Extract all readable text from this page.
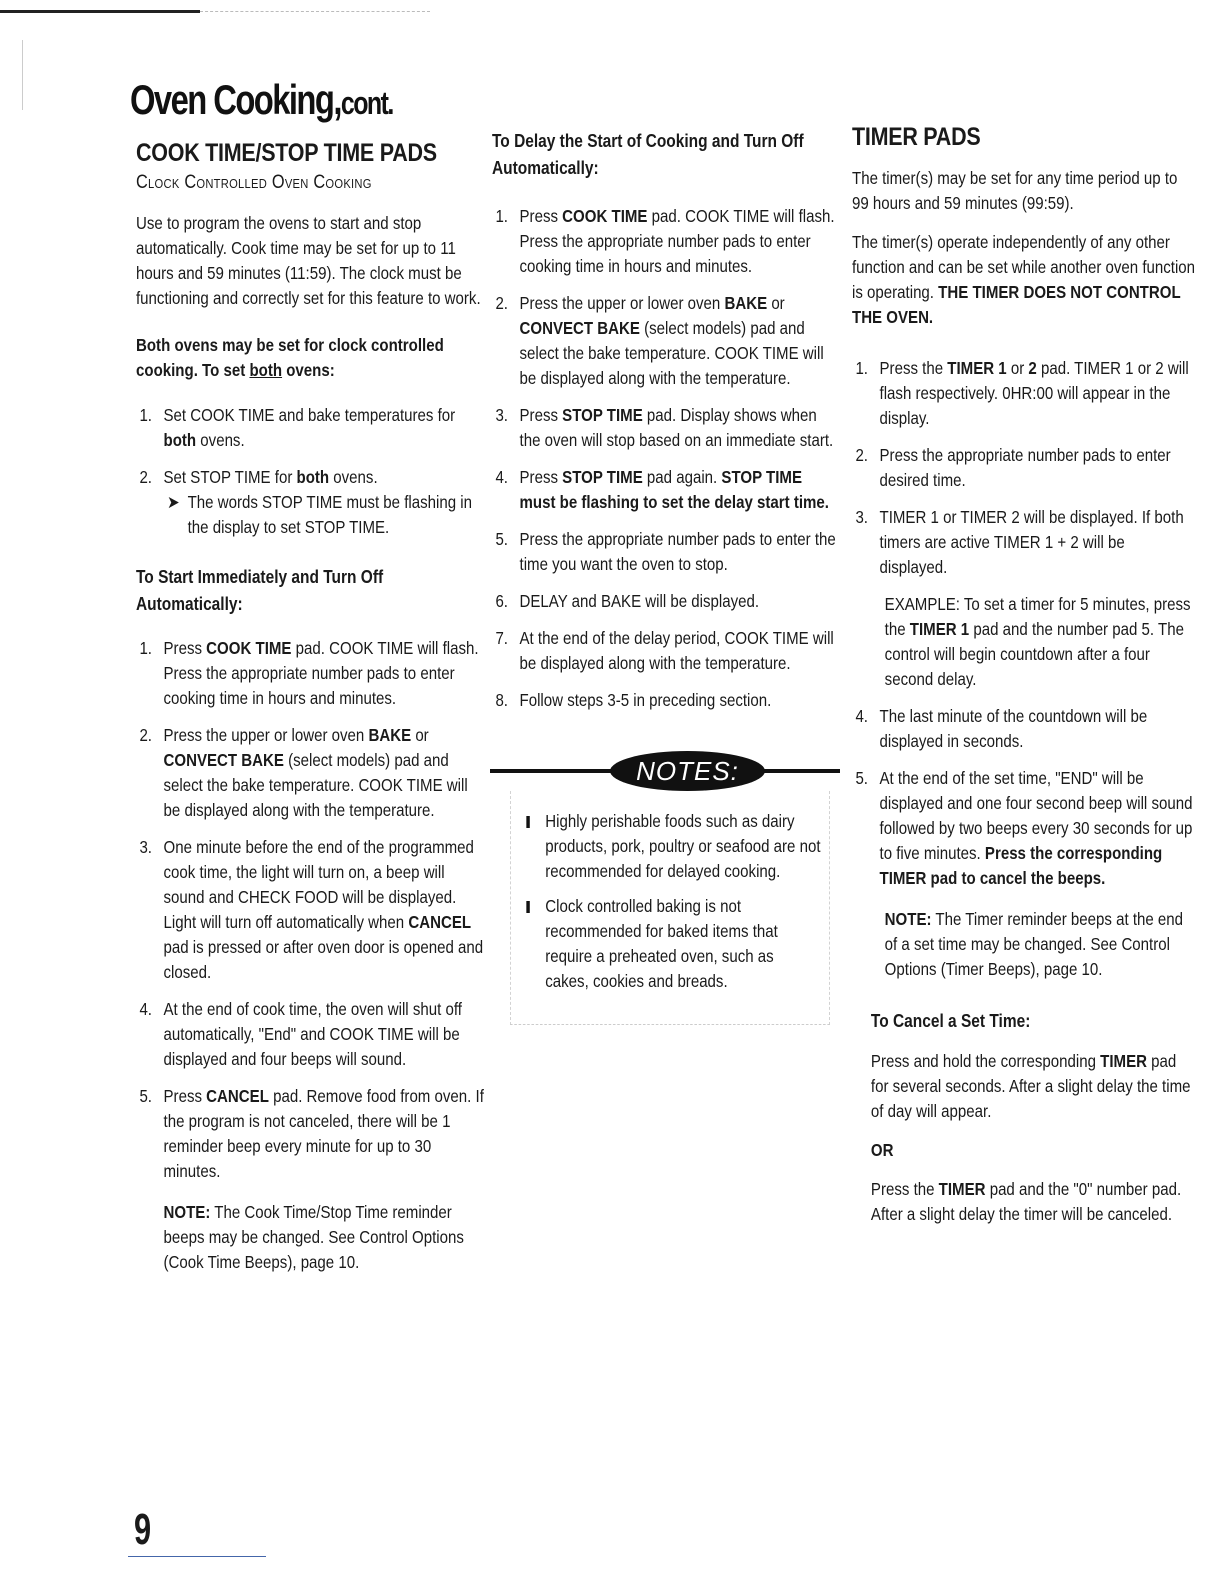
Oven Cooking,cont.
COOK TIME/STOP TIME PADS
Clock Controlled Oven Cooking

Use to program the ovens to start and stop automatically. Cook time may be set for up to 11 hours and 59 minutes (11:59). The clock must be functioning and correctly set for this feature to work.

Both ovens may be set for clock controlled cooking. To set both ovens:

1. Set COOK TIME and bake temperatures for both ovens.
2. Set STOP TIME for both ovens.
➤ The words STOP TIME must be flashing in the display to set STOP TIME.
To Start Immediately and Turn Off Automatically:
1. Press COOK TIME pad. COOK TIME will flash. Press the appropriate number pads to enter cooking time in hours and minutes.
2. Press the upper or lower oven BAKE or CONVECT BAKE (select models) pad and select the bake temperature. COOK TIME will be displayed along with the temperature.
3. One minute before the end of the programmed cook time, the light will turn on, a beep will sound and CHECK FOOD will be displayed. Light will turn off automatically when CANCEL pad is pressed or after oven door is opened and closed.
4. At the end of cook time, the oven will shut off automatically, "End" and COOK TIME will be displayed and four beeps will sound.
5. Press CANCEL pad. Remove food from oven. If the program is not canceled, there will be 1 reminder beep every minute for up to 30 minutes.

NOTE: The Cook Time/Stop Time reminder beeps may be changed. See Control Options (Cook Time Beeps), page 10.

To Delay the Start of Cooking and Turn Off Automatically:
1. Press COOK TIME pad. COOK TIME will flash. Press the appropriate number pads to enter cooking time in hours and minutes.
2. Press the upper or lower oven BAKE or CONVECT BAKE (select models) pad and select the bake temperature. COOK TIME will be displayed along with the temperature.
3. Press STOP TIME pad. Display shows when the oven will stop based on an immediate start.
4. Press STOP TIME pad again. STOP TIME must be flashing to set the delay start time.
5. Press the appropriate number pads to enter the time you want the oven to stop.
6. DELAY and BAKE will be displayed.
7. At the end of the delay period, COOK TIME will be displayed along with the temperature.
8. Follow steps 3-5 in preceding section.
NOTES:
Highly perishable foods such as dairy products, pork, poultry or seafood are not recommended for delayed cooking.
Clock controlled baking is not recommended for baked items that require a preheated oven, such as cakes, cookies and breads.
TIMER PADS

The timer(s) may be set for any time period up to 99 hours and 59 minutes (99:59).

The timer(s) operate independently of any other function and can be set while another oven function is operating. THE TIMER DOES NOT CONTROL THE OVEN.

1. Press the TIMER 1 or 2 pad. TIMER 1 or 2 will flash respectively. 0HR:00 will appear in the display.
2. Press the appropriate number pads to enter desired time.
3. TIMER 1 or TIMER 2 will be displayed. If both timers are active TIMER 1 + 2 will be displayed.

EXAMPLE: To set a timer for 5 minutes, press the TIMER 1 pad and the number pad 5. The control will begin countdown after a four second delay.

4. The last minute of the countdown will be displayed in seconds.
5. At the end of the set time, "END" will be displayed and one four second beep will sound followed by two beeps every 30 seconds for up to five minutes. Press the corresponding TIMER pad to cancel the beeps.

NOTE: The Timer reminder beeps at the end of a set time may be changed. See Control Options (Timer Beeps), page 10.

To Cancel a Set Time:

Press and hold the corresponding TIMER pad for several seconds. After a slight delay the time of day will appear.

OR

Press the TIMER pad and the "0" number pad. After a slight delay the timer will be canceled.

9
